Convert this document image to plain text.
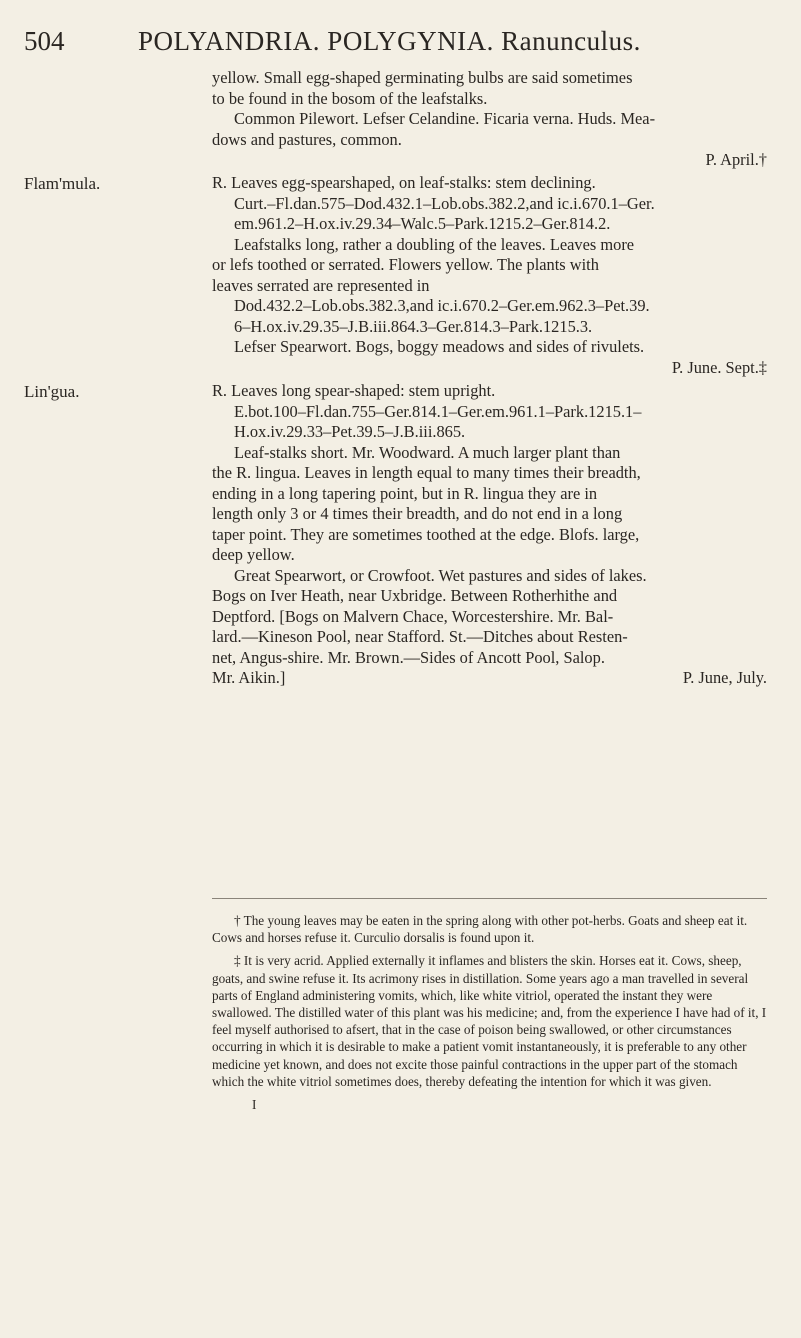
504	POLYANDRIA. POLYGYNIA. Ranunculus.

yellow. Small egg-shaped germinating bulbs are said sometimes

to be found in the bosom of the leafstalks.

Common Pilewort. Lefser Celandine. Ficaria verna. Huds. Mea-

dows and pastures, common.

P. April.†

Flam'mula.	R. Leaves egg-spearshaped, on leaf-stalks: stem declining.

Curt.–Fl.dan.575–Dod.432.1–Lob.obs.382.2,and ic.i.670.1–Ger.

em.961.2–H.ox.iv.29.34–Walc.5–Park.1215.2–Ger.814.2.

Leafstalks long, rather a doubling of the leaves. Leaves more

or lefs toothed or serrated. Flowers yellow. The plants with

leaves serrated are represented in

Dod.432.2–Lob.obs.382.3,and ic.i.670.2–Ger.em.962.3–Pet.39.

6–H.ox.iv.29.35–J.B.iii.864.3–Ger.814.3–Park.1215.3.

Lefser Spearwort. Bogs, boggy meadows and sides of rivulets.

P. June. Sept.‡

Lin'gua.	R. Leaves long spear-shaped: stem upright.

E.bot.100–Fl.dan.755–Ger.814.1–Ger.em.961.1–Park.1215.1–

H.ox.iv.29.33–Pet.39.5–J.B.iii.865.

Leaf-stalks short. Mr. Woodward. A much larger plant than

the R. lingua. Leaves in length equal to many times their breadth,

ending in a long tapering point, but in R. lingua they are in

length only 3 or 4 times their breadth, and do not end in a long

taper point. They are sometimes toothed at the edge. Blofs. large,

deep yellow.

Great Spearwort, or Crowfoot. Wet pastures and sides of lakes.

Bogs on Iver Heath, near Uxbridge. Between Rotherhithe and

Deptford. [Bogs on Malvern Chace, Worcestershire. Mr. Bal-

lard.—Kineson Pool, near Stafford. St.—Ditches about Resten-

net, Angus-shire. Mr. Brown.—Sides of Ancott Pool, Salop.

Mr. Aikin.]	P. June, July.

† The young leaves may be eaten in the spring along with other pot-herbs. Goats and sheep eat it. Cows and horses refuse it. Curculio dorsalis is found upon it.

‡ It is very acrid. Applied externally it inflames and blisters the skin. Horses eat it. Cows, sheep, goats, and swine refuse it. Its acrimony rises in distillation. Some years ago a man travelled in several parts of England administering vomits, which, like white vitriol, operated the instant they were swallowed. The distilled water of this plant was his medicine; and, from the experience I have had of it, I feel myself authorised to afsert, that in the case of poison being swallowed, or other circumstances occurring in which it is desirable to make a patient vomit instantaneously, it is preferable to any other medicine yet known, and does not excite those painful contractions in the upper part of the stomach which the white vitriol sometimes does, thereby defeating the intention for which it was given.

I
